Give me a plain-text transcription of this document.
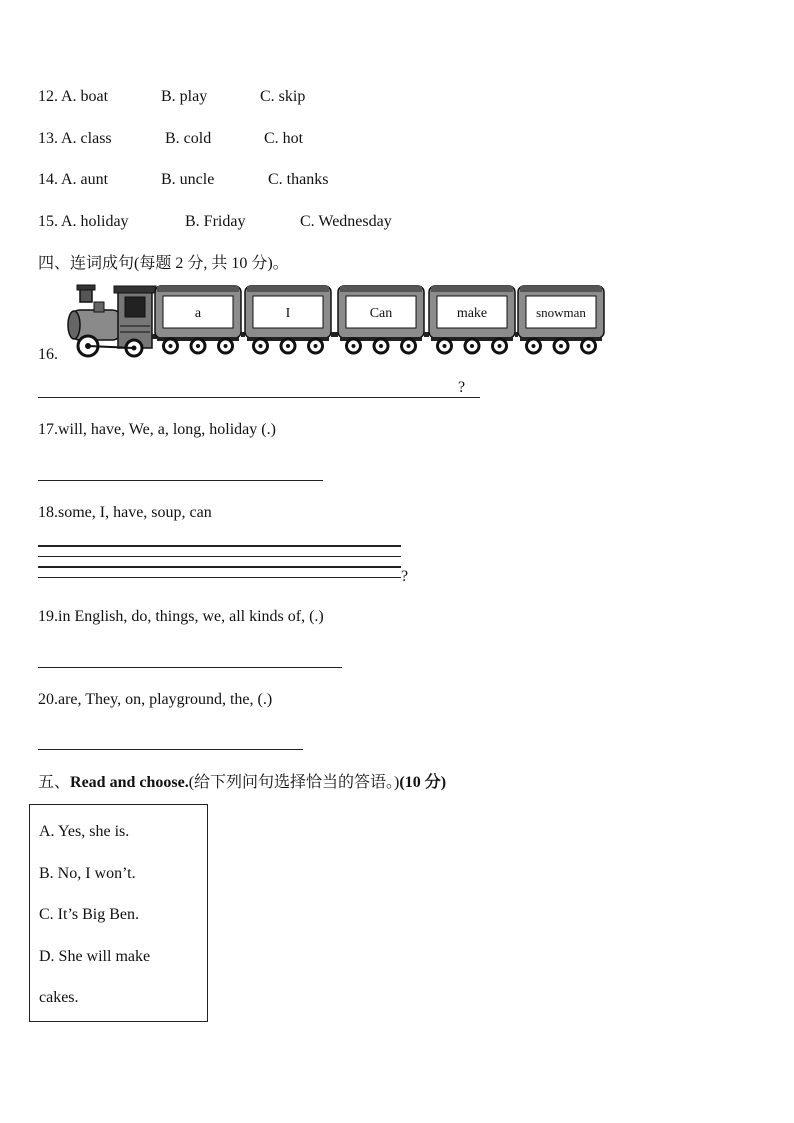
12. A. boat	B. play	C. skip
13. A. class	B. cold	C. hot
14. A. aunt	B. uncle	C. thanks
15. A. holiday	B. Friday	C. Wednesday
四、连词成句(每题 2 分, 共 10 分)。
a	I	Can	make	snowman
16.
?
17.will, have, We, a, long, holiday (.)
18.some, I, have, soup, can
?
19.in English, do, things, we, all kinds of, (.)
20.are, They, on, playground, the, (.)
五、Read and choose.(给下列问句选择恰当的答语。)(10 分)
A. Yes, she is.
B. No, I won’t.
C. It’s Big Ben.
D. She will make
cakes.
